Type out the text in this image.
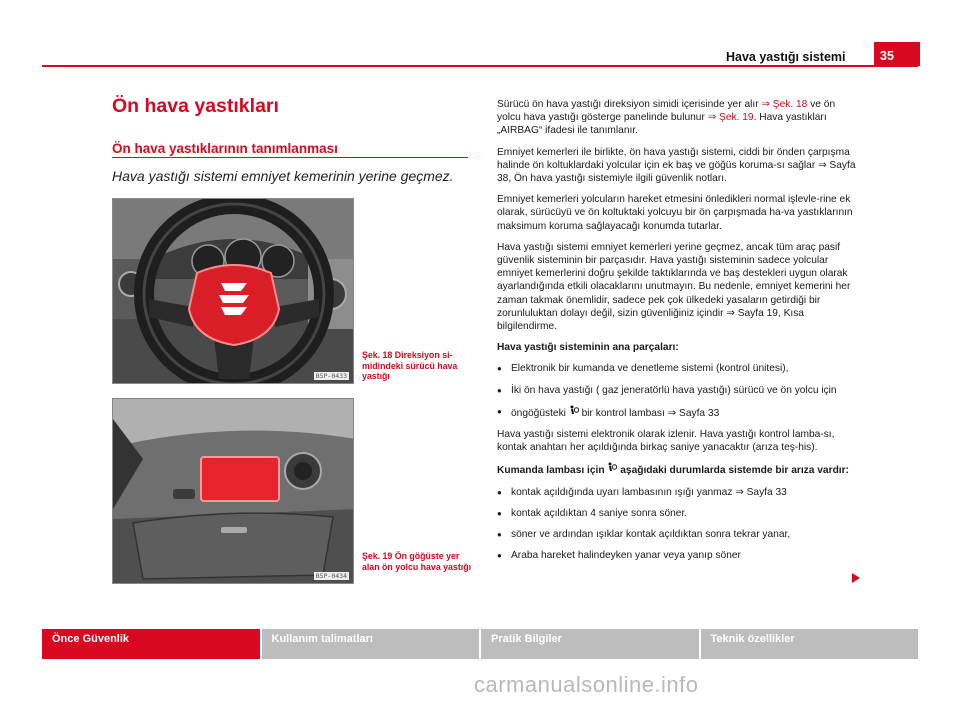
Hava yastığı sistemi	35
Ön hava yastıkları
Ön hava yastıklarının tanımlanması
Hava yastığı sistemi emniyet kemerinin yerine geçmez.
B5P-0433
Şek. 18 Direksiyon si-midindeki sürücü hava yastığı
B5P-0434
Şek. 19 Ön göğüste yer alan ön yolcu hava yastığı

Sürücü ön hava yastığı direksiyon simidi içerisinde yer alır ⇒ Şek. 18 ve ön yolcu hava yastığı gösterge panelinde bulunur ⇒ Şek. 19. Hava yastıkları „AIRBAG“ ifadesi ile tanımlanır.

Emniyet kemerleri ile birlikte, ön hava yastığı sistemi, ciddi bir önden çarpışma halinde ön koltuklardaki yolcular için ek baş ve göğüs koruma-sı sağlar ⇒ Sayfa 38, Ön hava yastığı sistemiyle ilgili güvenlik notları.

Emniyet kemerleri yolcuların hareket etmesini önledikleri normal işlevle-rine ek olarak, sürücüyü ve ön koltuktaki yolcuyu bir ön çarpışmada ha-va yastıklarının maksimum koruma sağlayacağı konumda tutarlar.

Hava yastığı sistemi emniyet kemerleri yerine geçmez, ancak tüm araç pasif güvenlik sisteminin bir parçasıdır. Hava yastığı sisteminin sadece yolcular emniyet kemerlerini doğru şekilde taktıklarında ve baş destekleri uygun olarak ayarlandığında etkili olacaklarını unutmayın. Bu nedenle, emniyet kemerini her zaman takmak önemlidir, sadece pek çok ülkedeki yasaların getirdiği bir zorunluluktan dolayı değil, sizin güvenliğiniz içindir ⇒ Sayfa 19, Kısa bilgilendirme.

Hava yastığı sisteminin ana parçaları:

● Elektronik bir kumanda ve denetleme sistemi (kontrol ünitesi),
● İki ön hava yastığı ( gaz jeneratörlü hava yastığı) sürücü ve ön yolcu için
● öngöğüsteki  bir kontrol lambası ⇒ Sayfa 33

Hava yastığı sistemi elektronik olarak izlenir. Hava yastığı kontrol lamba-sı, kontak anahtarı her açıldığında birkaç saniye yanacaktır (arıza teş-his).

Kumanda lambası için  aşağıdaki durumlarda sistemde bir arıza vardır:

● kontak açıldığında uyarı lambasının ışığı yanmaz ⇒ Sayfa 33
● kontak açıldıktan 4 saniye sonra söner.
● söner ve ardından ışıklar kontak açıldıktan sonra tekrar yanar,
● Araba hareket halindeyken yanar veya yanıp söner
Önce Güvenlik	Kullanım talimatları	Pratik Bilgiler	Teknik özellikler
carmanualsonline.info
